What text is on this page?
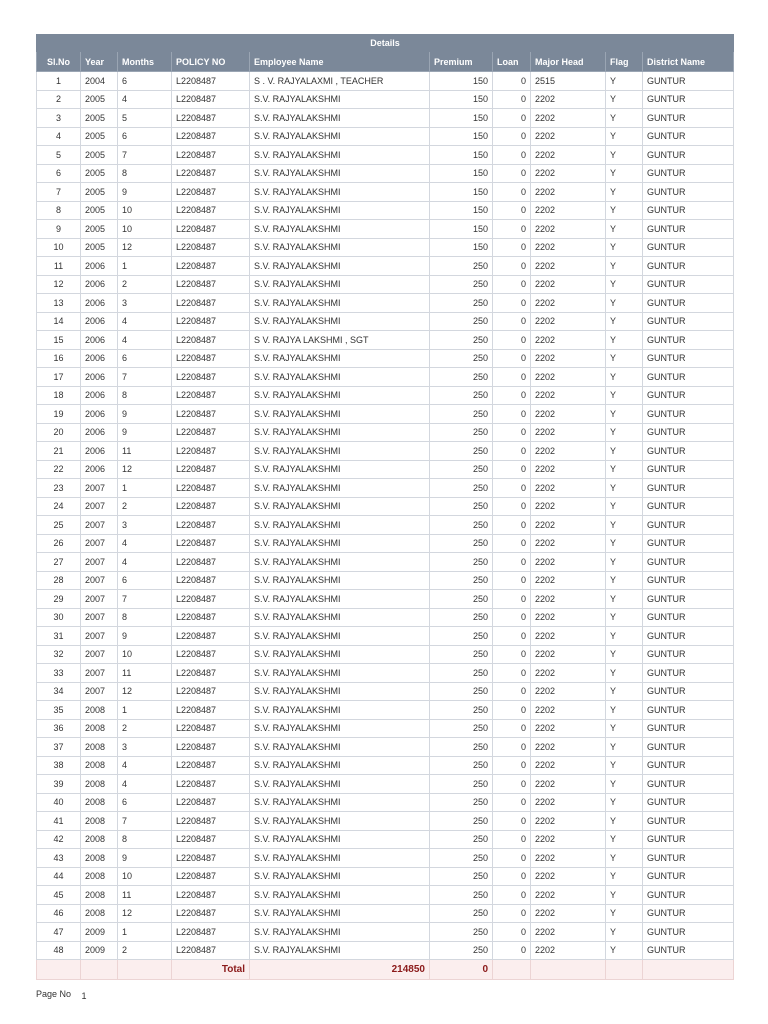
Details									
Sl.No	Year	Months	POLICY NO	Employee Name	Premium	Loan	Major Head	Flag	District Name
1	2004	6	L2208487	S . V. RAJYALAXMI , TEACHER	150	0	2515	Y	GUNTUR
2	2005	4	L2208487	S.V. RAJYALAKSHMI	150	0	2202	Y	GUNTUR
3	2005	5	L2208487	S.V. RAJYALAKSHMI	150	0	2202	Y	GUNTUR
4	2005	6	L2208487	S.V. RAJYALAKSHMI	150	0	2202	Y	GUNTUR
5	2005	7	L2208487	S.V. RAJYALAKSHMI	150	0	2202	Y	GUNTUR
6	2005	8	L2208487	S.V. RAJYALAKSHMI	150	0	2202	Y	GUNTUR
7	2005	9	L2208487	S.V. RAJYALAKSHMI	150	0	2202	Y	GUNTUR
8	2005	10	L2208487	S.V. RAJYALAKSHMI	150	0	2202	Y	GUNTUR
9	2005	10	L2208487	S.V. RAJYALAKSHMI	150	0	2202	Y	GUNTUR
10	2005	12	L2208487	S.V. RAJYALAKSHMI	150	0	2202	Y	GUNTUR
11	2006	1	L2208487	S.V. RAJYALAKSHMI	250	0	2202	Y	GUNTUR
12	2006	2	L2208487	S.V. RAJYALAKSHMI	250	0	2202	Y	GUNTUR
13	2006	3	L2208487	S.V. RAJYALAKSHMI	250	0	2202	Y	GUNTUR
14	2006	4	L2208487	S.V. RAJYALAKSHMI	250	0	2202	Y	GUNTUR
15	2006	4	L2208487	S V. RAJYA LAKSHMI , SGT	250	0	2202	Y	GUNTUR
16	2006	6	L2208487	S.V. RAJYALAKSHMI	250	0	2202	Y	GUNTUR
17	2006	7	L2208487	S.V. RAJYALAKSHMI	250	0	2202	Y	GUNTUR
18	2006	8	L2208487	S.V. RAJYALAKSHMI	250	0	2202	Y	GUNTUR
19	2006	9	L2208487	S.V. RAJYALAKSHMI	250	0	2202	Y	GUNTUR
20	2006	9	L2208487	S.V. RAJYALAKSHMI	250	0	2202	Y	GUNTUR
21	2006	11	L2208487	S.V. RAJYALAKSHMI	250	0	2202	Y	GUNTUR
22	2006	12	L2208487	S.V. RAJYALAKSHMI	250	0	2202	Y	GUNTUR
23	2007	1	L2208487	S.V. RAJYALAKSHMI	250	0	2202	Y	GUNTUR
24	2007	2	L2208487	S.V. RAJYALAKSHMI	250	0	2202	Y	GUNTUR
25	2007	3	L2208487	S.V. RAJYALAKSHMI	250	0	2202	Y	GUNTUR
26	2007	4	L2208487	S.V. RAJYALAKSHMI	250	0	2202	Y	GUNTUR
27	2007	4	L2208487	S.V. RAJYALAKSHMI	250	0	2202	Y	GUNTUR
28	2007	6	L2208487	S.V. RAJYALAKSHMI	250	0	2202	Y	GUNTUR
29	2007	7	L2208487	S.V. RAJYALAKSHMI	250	0	2202	Y	GUNTUR
30	2007	8	L2208487	S.V. RAJYALAKSHMI	250	0	2202	Y	GUNTUR
31	2007	9	L2208487	S.V. RAJYALAKSHMI	250	0	2202	Y	GUNTUR
32	2007	10	L2208487	S.V. RAJYALAKSHMI	250	0	2202	Y	GUNTUR
33	2007	11	L2208487	S.V. RAJYALAKSHMI	250	0	2202	Y	GUNTUR
34	2007	12	L2208487	S.V. RAJYALAKSHMI	250	0	2202	Y	GUNTUR
35	2008	1	L2208487	S.V. RAJYALAKSHMI	250	0	2202	Y	GUNTUR
36	2008	2	L2208487	S.V. RAJYALAKSHMI	250	0	2202	Y	GUNTUR
37	2008	3	L2208487	S.V. RAJYALAKSHMI	250	0	2202	Y	GUNTUR
38	2008	4	L2208487	S.V. RAJYALAKSHMI	250	0	2202	Y	GUNTUR
39	2008	4	L2208487	S.V. RAJYALAKSHMI	250	0	2202	Y	GUNTUR
40	2008	6	L2208487	S.V. RAJYALAKSHMI	250	0	2202	Y	GUNTUR
41	2008	7	L2208487	S.V. RAJYALAKSHMI	250	0	2202	Y	GUNTUR
42	2008	8	L2208487	S.V. RAJYALAKSHMI	250	0	2202	Y	GUNTUR
43	2008	9	L2208487	S.V. RAJYALAKSHMI	250	0	2202	Y	GUNTUR
44	2008	10	L2208487	S.V. RAJYALAKSHMI	250	0	2202	Y	GUNTUR
45	2008	11	L2208487	S.V. RAJYALAKSHMI	250	0	2202	Y	GUNTUR
46	2008	12	L2208487	S.V. RAJYALAKSHMI	250	0	2202	Y	GUNTUR
47	2009	1	L2208487	S.V. RAJYALAKSHMI	250	0	2202	Y	GUNTUR
48	2009	2	L2208487	S.V. RAJYALAKSHMI	250	0	2202	Y	GUNTUR
			Total	214850	0				
Page No 1
